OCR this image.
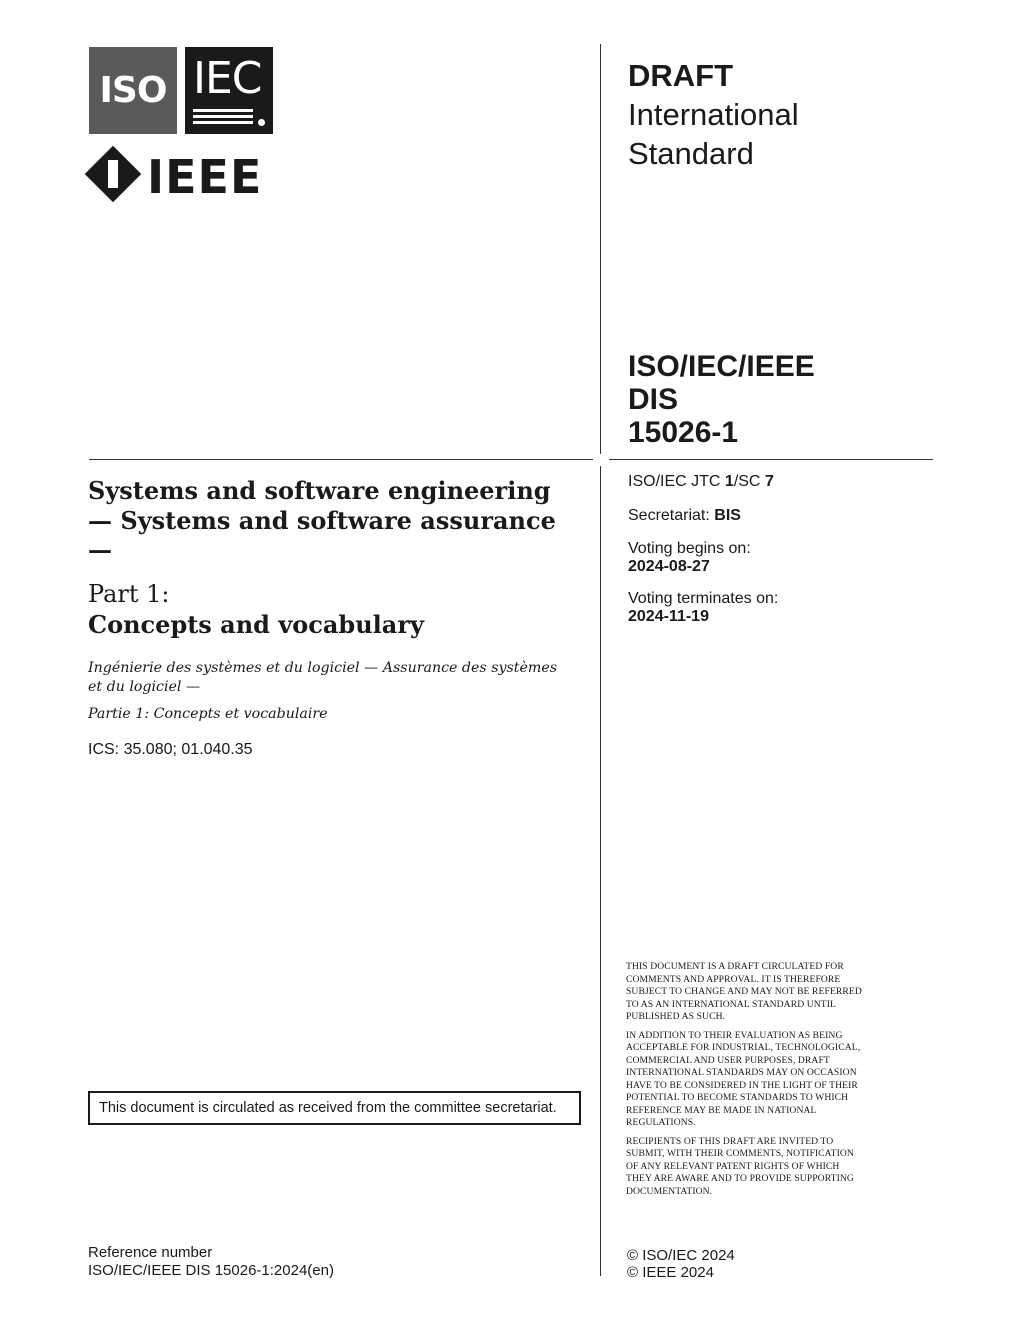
ISO IEC
IEEE
DRAFT
International
Standard
ISO/IEC/IEEE
DIS
15026-1

ISO/IEC JTC 1/SC 7

Secretariat: BIS

Voting begins on:
2024-08-27
Voting terminates on:
2024-11-19
Systems and software engineering — Systems and software assurance —
Part 1:
Concepts and vocabulary

Ingénierie des systèmes et du logiciel — Assurance des systèmes et du logiciel —

Partie 1: Concepts et vocabulaire

ICS: 35.080; 01.040.35

THIS DOCUMENT IS A DRAFT CIRCULATED FOR COMMENTS AND APPROVAL. IT IS THEREFORE SUBJECT TO CHANGE AND MAY NOT BE REFERRED TO AS AN INTERNATIONAL STANDARD UNTIL PUBLISHED AS SUCH.

IN ADDITION TO THEIR EVALUATION AS BEING ACCEPTABLE FOR INDUSTRIAL, TECHNOLOGICAL, COMMERCIAL AND USER PURPOSES, DRAFT INTERNATIONAL STANDARDS MAY ON OCCASION HAVE TO BE CONSIDERED IN THE LIGHT OF THEIR POTENTIAL TO BECOME STANDARDS TO WHICH REFERENCE MAY BE MADE IN NATIONAL REGULATIONS.

RECIPIENTS OF THIS DRAFT ARE INVITED TO SUBMIT, WITH THEIR COMMENTS, NOTIFICATION OF ANY RELEVANT PATENT RIGHTS OF WHICH THEY ARE AWARE AND TO PROVIDE SUPPORTING DOCUMENTATION.

This document is circulated as received from the committee secretariat.

Reference number

ISO/IEC/IEEE DIS 15026-1:2024(en)

© ISO/IEC 2024

© IEEE 2024
